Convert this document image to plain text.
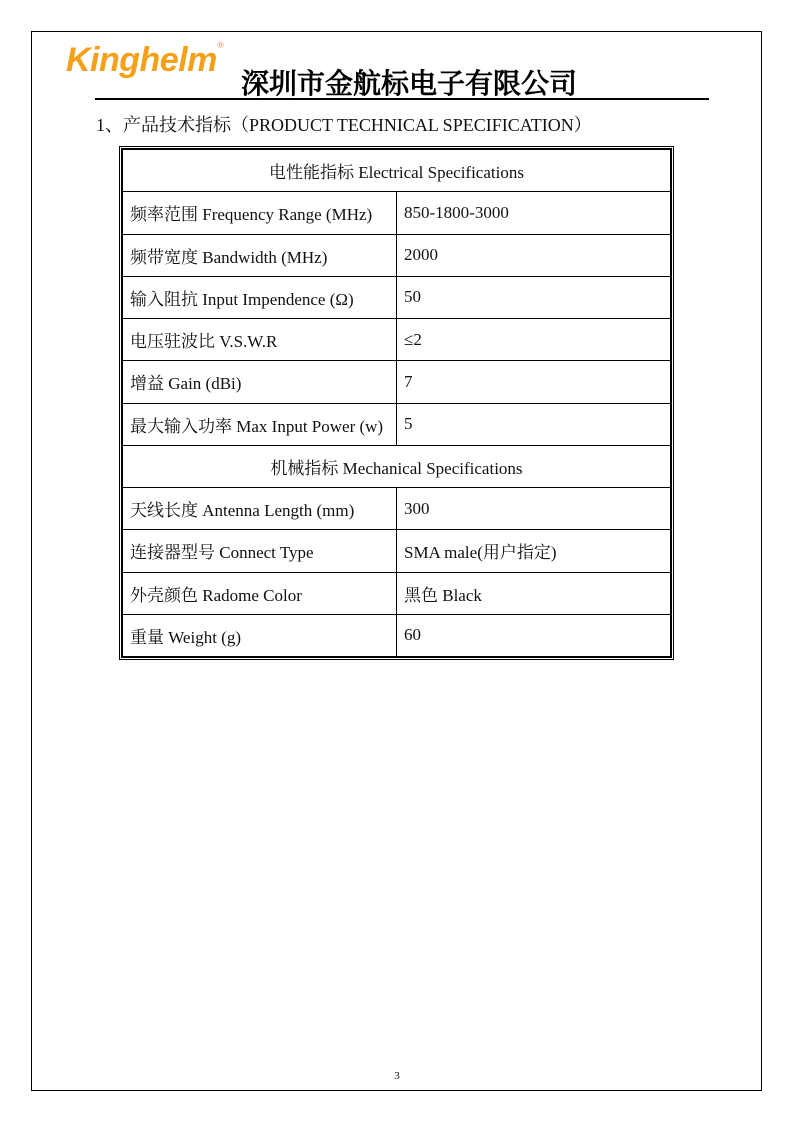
Kinghelm ®
深圳市金航标电子有限公司
1、产品技术指标（PRODUCT TECHNICAL SPECIFICATION）
电性能指标 Electrical Specifications	
频率范围 Frequency Range (MHz)	850-1800-3000
频带宽度 Bandwidth (MHz)	2000
输入阻抗 Input Impendence (Ω)	50
电压驻波比 V.S.W.R	≤2
增益 Gain (dBi)	7
最大输入功率 Max Input Power (w)	5
机械指标 Mechanical Specifications	
天线长度 Antenna Length (mm)	300
连接器型号 Connect Type	SMA male(用户指定)
外壳颜色 Radome Color	黑色 Black
重量 Weight (g)	60
3
